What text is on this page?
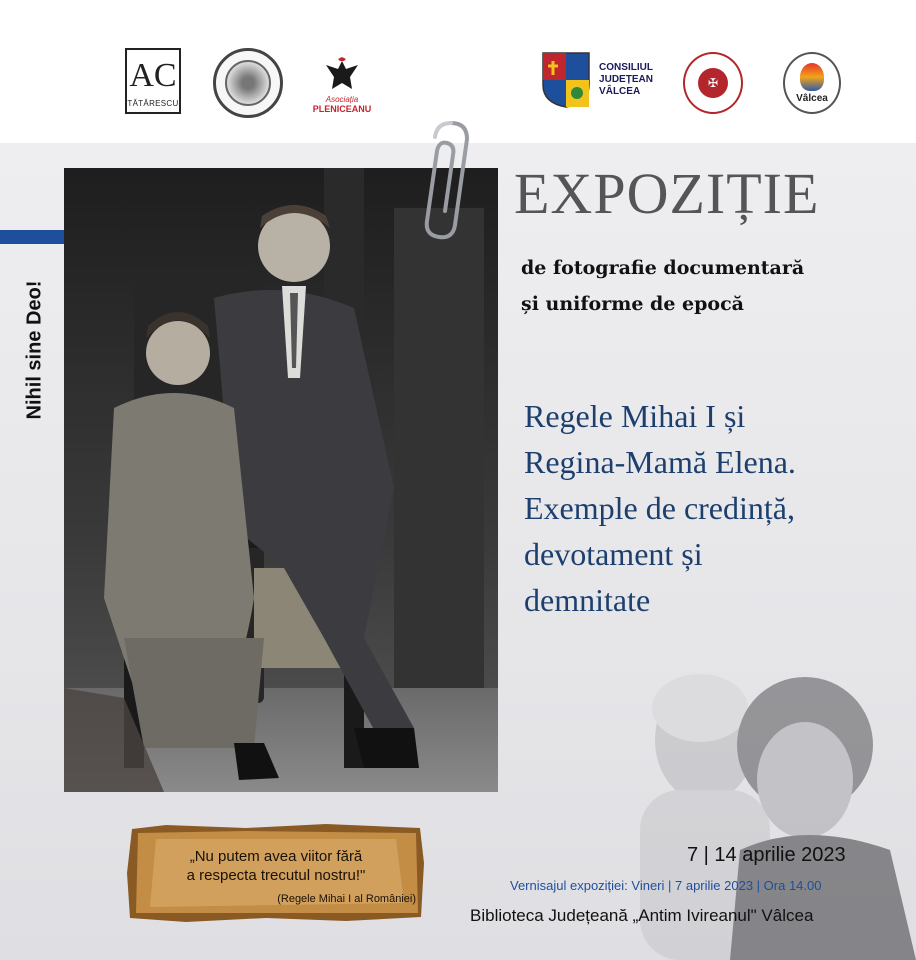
AC
TĂTĂRESCU	Asociația
PLENICEANU
CONSILIUL
JUDEȚEAN
VÂLCEA
✠
Vâlcea
Nihil sine Deo!
EXPOZIȚIE
de fotografie documentară
și uniforme de epocă
Regele Mihai I și
Regina-Mamă Elena.
Exemple de credință,
devotament și
demnitate
„Nu putem avea viitor fără
a respecta trecutul nostru!"
(Regele Mihai I al României)
7 | 14 aprilie 2023
Vernisajul expoziției: Vineri | 7 aprilie 2023 | Ora 14.00
Biblioteca Județeană „Antim Ivireanul" Vâlcea
